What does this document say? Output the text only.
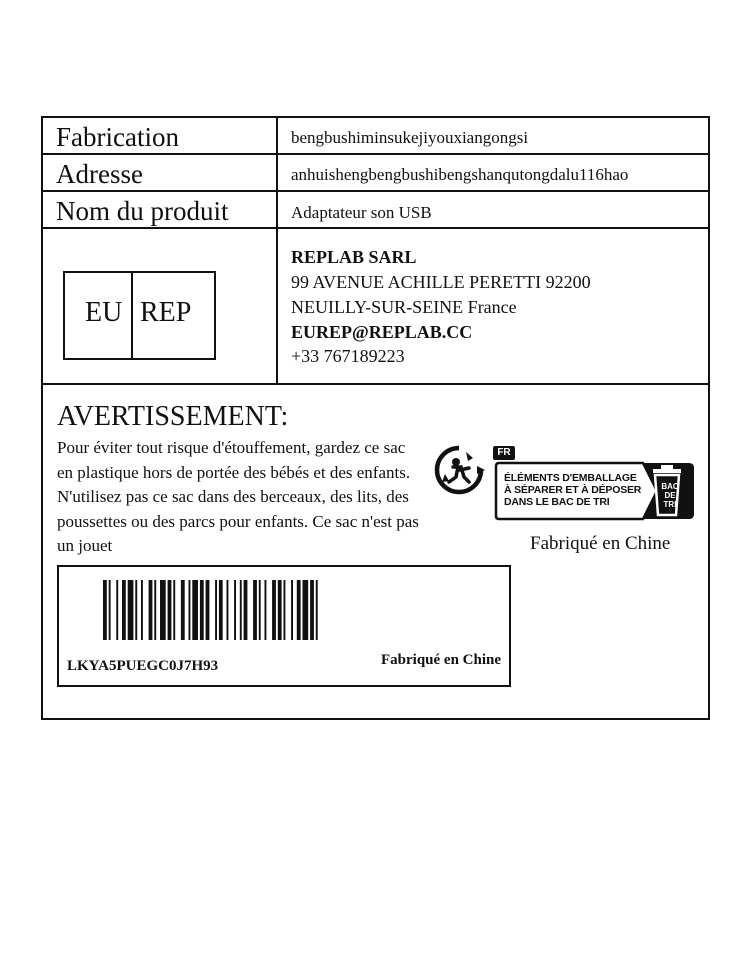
Fabrication	bengbushiminsukejiyouxiangongsi
Adresse	anhuishengbengbushibengshanqutongdalu116hao
Nom du produit	Adaptateur son USB
EU REP
REPLAB SARL
99 AVENUE ACHILLE PERETTI 92200
NEUILLY-SUR-SEINE France
EUREP@REPLAB.CC
+33 767189223
AVERTISSEMENT:
Pour éviter tout risque d'étouffement, gardez ce sac en plastique hors de portée des bébés et des enfants. N'utilisez pas ce sac dans des berceaux, des lits, des poussettes ou des parcs pour enfants. Ce sac n'est pas un jouet
FR
ÉLÉMENTS D'EMBALLAGE
À SÉPARER ET À DÉPOSER
DANS LE BAC DE TRI
BAC
DE
TRI
Fabriqué en Chine
LKYA5PUEGC0J7H93	Fabriqué en Chine
